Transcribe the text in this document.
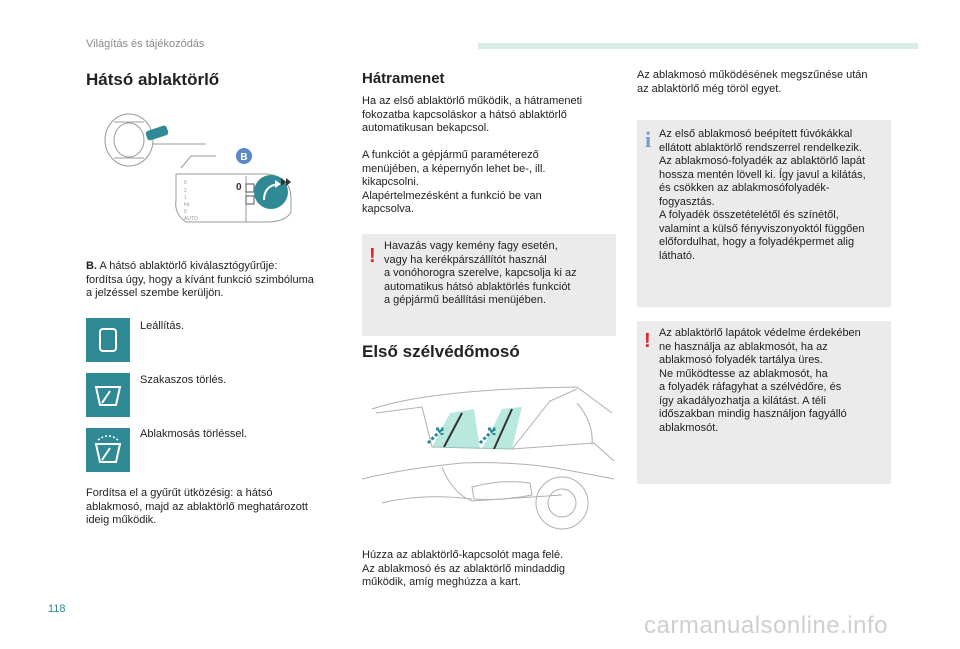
Világítás és tájékozódás
Hátsó ablaktörlő
0
2
1
Int
0
AUTO
0
B
B. A hátsó ablaktörlő kiválasztógyűrűje:
fordítsa úgy, hogy a kívánt funkció szimbóluma
a jelzéssel szembe kerüljön.
Leállítás.
Szakaszos törlés.
Ablakmosás törléssel.
Fordítsa el a gyűrűt ütközésig: a hátsó
ablakmosó, majd az ablaktörlő meghatározott
ideig működik.
Hátramenet
Ha az első ablaktörlő működik, a hátrameneti
fokozatba kapcsoláskor a hátsó ablaktörlő
automatikusan bekapcsol.
A funkciót a gépjármű paraméterező
menüjében, a képernyőn lehet be-, ill.
kikapcsolni.
Alapértelmezésként a funkció be van
kapcsolva.
! Havazás vagy kemény fagy esetén,
vagy ha kerékpárszállítót használ
a vonóhorogra szerelve, kapcsolja ki az
automatikus hátsó ablaktörlés funkciót
a gépjármű beállítási menüjében.
Első szélvédőmosó
Húzza az ablaktörlő-kapcsolót maga felé.
Az ablakmosó és az ablaktörlő mindaddig
működik, amíg meghúzza a kart.
Az ablakmosó működésének megszűnése után
az ablaktörlő még töröl egyet.
i Az első ablakmosó beépített fúvókákkal
ellátott ablaktörlő rendszerrel rendelkezik.
Az ablakmosó-folyadék az ablaktörlő lapát
hossza mentén lövell ki. Így javul a kilátás,
és csökken az ablakmosófolyadék-
fogyasztás.
A folyadék összetételétől és színétől,
valamint a külső fényviszonyoktól függően
előfordulhat, hogy a folyadékpermet alig
látható.
! Az ablaktörlő lapátok védelme érdekében
ne használja az ablakmosót, ha az
ablakmosó folyadék tartálya üres.
Ne működtesse az ablakmosót, ha
a folyadék ráfagyhat a szélvédőre, és
így akadályozhatja a kilátást. A téli
időszakban mindig használjon fagyálló
ablakmosót.
118
carmanualsonline.info
